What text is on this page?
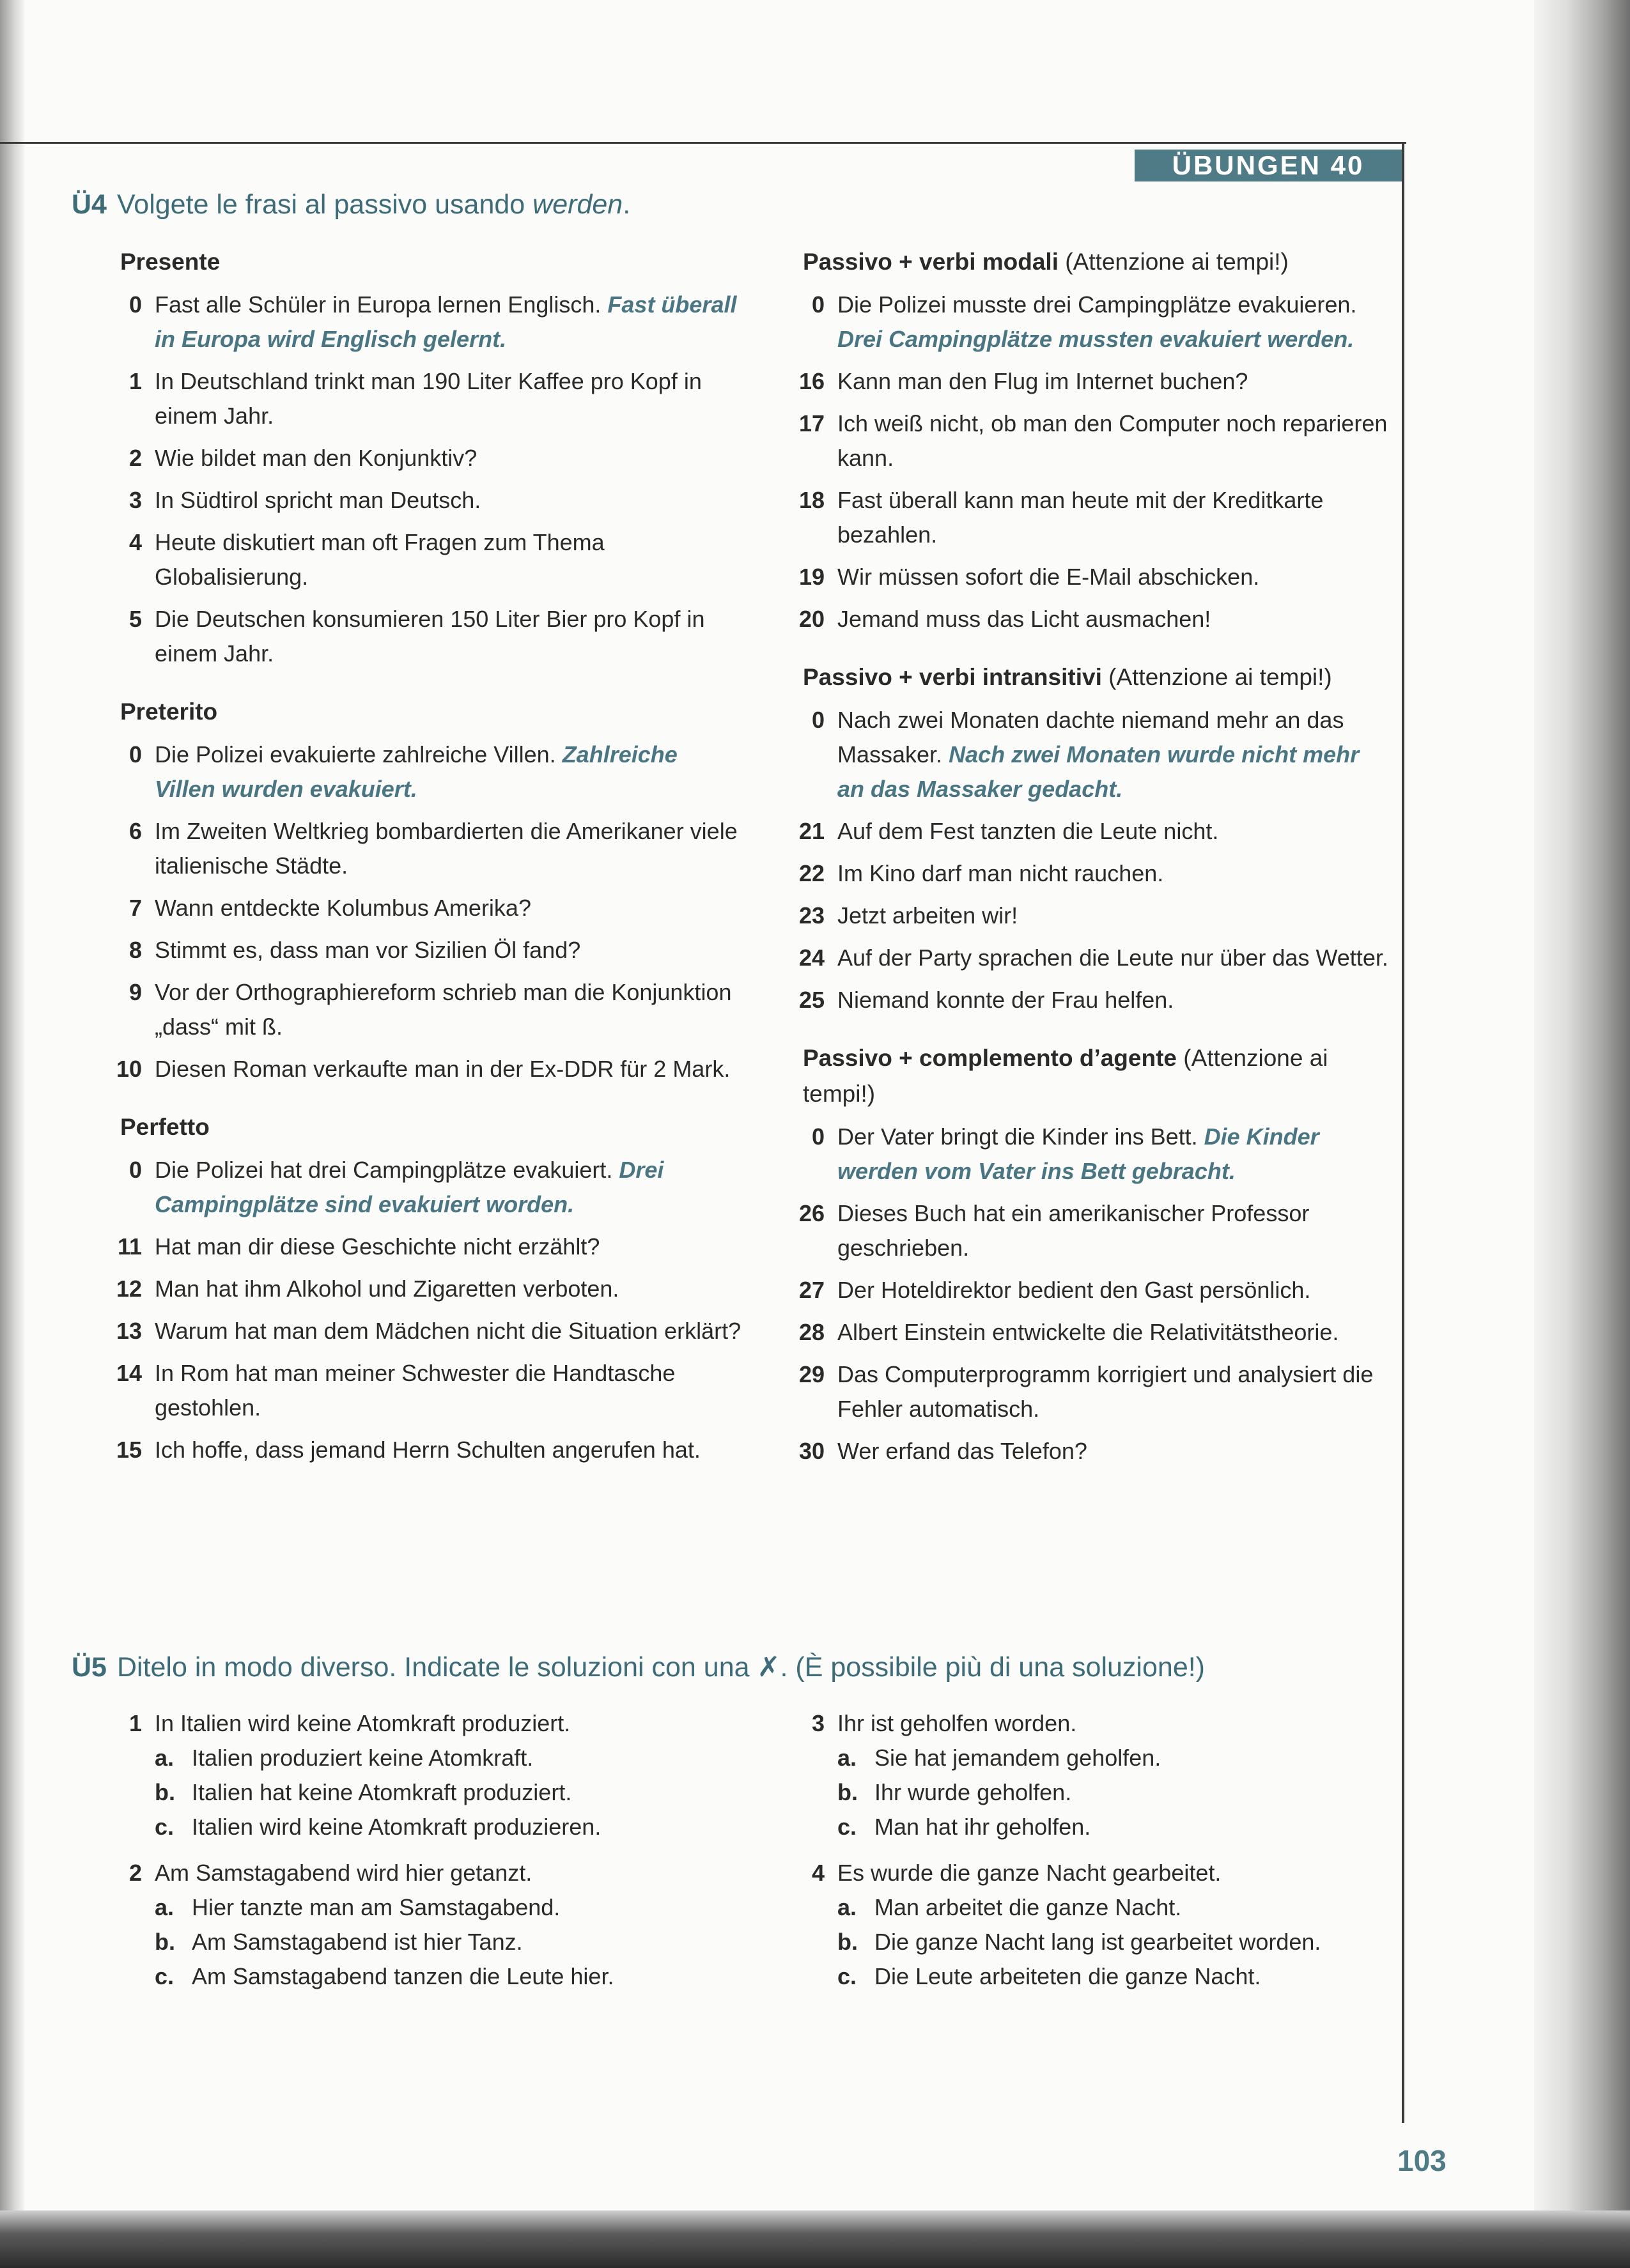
ÜBUNGEN 40
Ü4 Volgete le frasi al passivo usando werden.
Presente
0 Fast alle Schüler in Europa lernen Englisch. Fast überall in Europa wird Englisch gelernt.
1 In Deutschland trinkt man 190 Liter Kaffee pro Kopf in einem Jahr.
2 Wie bildet man den Konjunktiv?
3 In Südtirol spricht man Deutsch.
4 Heute diskutiert man oft Fragen zum Thema Globalisierung.
5 Die Deutschen konsumieren 150 Liter Bier pro Kopf in einem Jahr.
Preterito
0 Die Polizei evakuierte zahlreiche Villen. Zahlreiche Villen wurden evakuiert.
6 Im Zweiten Weltkrieg bombardierten die Amerikaner viele italienische Städte.
7 Wann entdeckte Kolumbus Amerika?
8 Stimmt es, dass man vor Sizilien Öl fand?
9 Vor der Orthographiereform schrieb man die Konjunktion „dass“ mit ß.
10 Diesen Roman verkaufte man in der Ex-DDR für 2 Mark.
Perfetto
0 Die Polizei hat drei Campingplätze evakuiert. Drei Campingplätze sind evakuiert worden.
11 Hat man dir diese Geschichte nicht erzählt?
12 Man hat ihm Alkohol und Zigaretten verboten.
13 Warum hat man dem Mädchen nicht die Situation erklärt?
14 In Rom hat man meiner Schwester die Handtasche gestohlen.
15 Ich hoffe, dass jemand Herrn Schulten angerufen hat.
Passivo + verbi modali (Attenzione ai tempi!)
0 Die Polizei musste drei Campingplätze evakuieren. Drei Campingplätze mussten evakuiert werden.
16 Kann man den Flug im Internet buchen?
17 Ich weiß nicht, ob man den Computer noch reparieren kann.
18 Fast überall kann man heute mit der Kreditkarte bezahlen.
19 Wir müssen sofort die E-Mail abschicken.
20 Jemand muss das Licht ausmachen!
Passivo + verbi intransitivi (Attenzione ai tempi!)
0 Nach zwei Monaten dachte niemand mehr an das Massaker. Nach zwei Monaten wurde nicht mehr an das Massaker gedacht.
21 Auf dem Fest tanzten die Leute nicht.
22 Im Kino darf man nicht rauchen.
23 Jetzt arbeiten wir!
24 Auf der Party sprachen die Leute nur über das Wetter.
25 Niemand konnte der Frau helfen.
Passivo + complemento d’agente (Attenzione ai tempi!)
0 Der Vater bringt die Kinder ins Bett. Die Kinder werden vom Vater ins Bett gebracht.
26 Dieses Buch hat ein amerikanischer Professor geschrieben.
27 Der Hoteldirektor bedient den Gast persönlich.
28 Albert Einstein entwickelte die Relativitätstheorie.
29 Das Computerprogramm korrigiert und analysiert die Fehler automatisch.
30 Wer erfand das Telefon?
Ü5 Ditelo in modo diverso. Indicate le soluzioni con una ✗. (È possibile più di una soluzione!)
1 In Italien wird keine Atomkraft produziert.
a. Italien produziert keine Atomkraft.
b. Italien hat keine Atomkraft produziert.
c. Italien wird keine Atomkraft produzieren.
2 Am Samstagabend wird hier getanzt.
a. Hier tanzte man am Samstagabend.
b. Am Samstagabend ist hier Tanz.
c. Am Samstagabend tanzen die Leute hier.
3 Ihr ist geholfen worden.
a. Sie hat jemandem geholfen.
b. Ihr wurde geholfen.
c. Man hat ihr geholfen.
4 Es wurde die ganze Nacht gearbeitet.
a. Man arbeitet die ganze Nacht.
b. Die ganze Nacht lang ist gearbeitet worden.
c. Die Leute arbeiteten die ganze Nacht.
103
